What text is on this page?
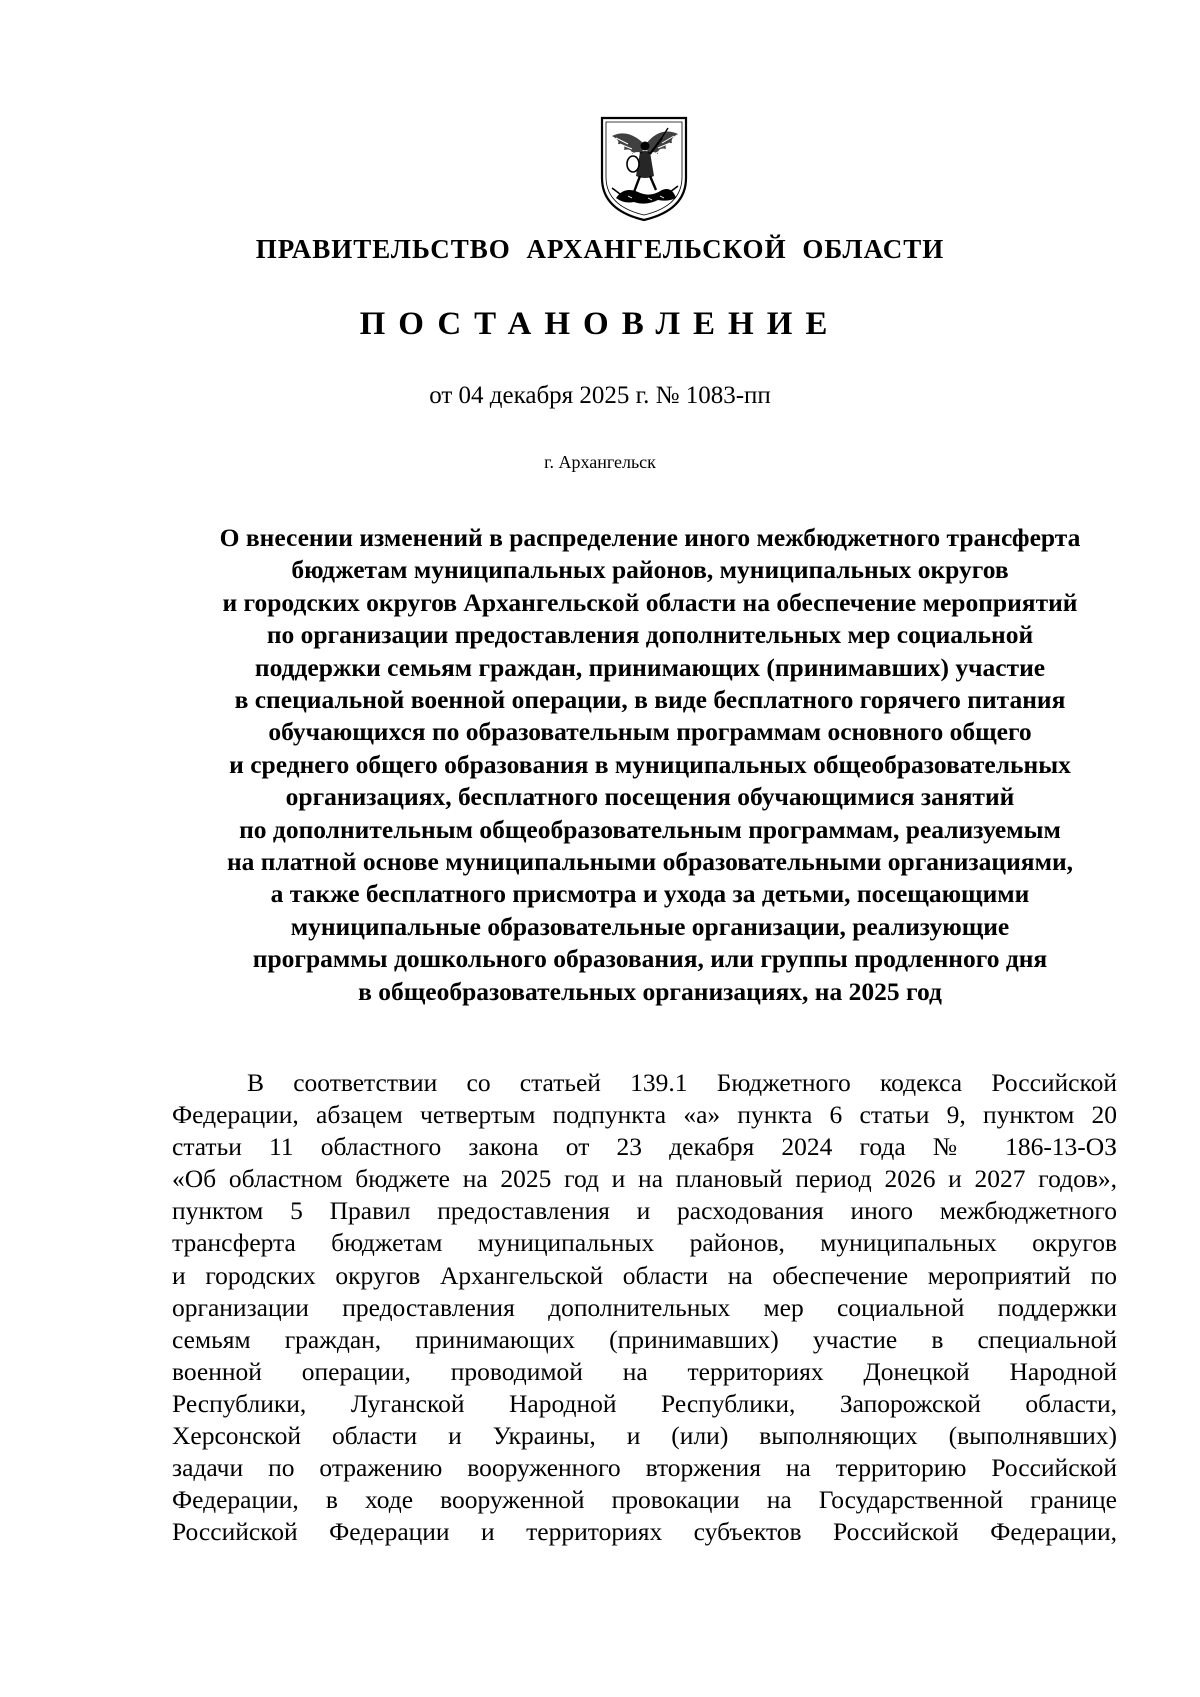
ПРАВИТЕЛЬСТВО АРХАНГЕЛЬСКОЙ ОБЛАСТИ
ПОСТАНОВЛЕНИЕ

от 04 декабря 2025 г. № 1083-пп

г. Архангельск

О внесении изменений в распределение иного межбюджетного трансферта
бюджетам муниципальных районов, муниципальных округов
и городских округов Архангельской области на обеспечение мероприятий
по организации предоставления дополнительных мер социальной
поддержки семьям граждан, принимающих (принимавших) участие
в специальной военной операции, в виде бесплатного горячего питания
обучающихся по образовательным программам основного общего
и среднего общего образования в муниципальных общеобразовательных
организациях, бесплатного посещения обучающимися занятий
по дополнительным общеобразовательным программам, реализуемым
на платной основе муниципальными образовательными организациями,
а также бесплатного присмотра и ухода за детьми, посещающими
муниципальные образовательные организации, реализующие
программы дошкольного образования, или группы продленного дня
в общеобразовательных организациях, на 2025 год
В соответствии со статьей 139.1 Бюджетного кодекса Российской
Федерации, абзацем четвертым подпункта «а» пункта 6 статьи 9, пунктом 20
статьи 11 областного закона от 23 декабря 2024 года № 186-13-ОЗ
«Об областном бюджете на 2025 год и на плановый период 2026 и 2027 годов»,
пунктом 5 Правил предоставления и расходования иного межбюджетного
трансферта бюджетам муниципальных районов, муниципальных округов
и городских округов Архангельской области на обеспечение мероприятий по
организации предоставления дополнительных мер социальной поддержки
семьям граждан, принимающих (принимавших) участие в специальной
военной операции, проводимой на территориях Донецкой Народной
Республики, Луганской Народной Республики, Запорожской области,
Херсонской области и Украины, и (или) выполняющих (выполнявших)
задачи по отражению вооруженного вторжения на территорию Российской
Федерации, в ходе вооруженной провокации на Государственной границе
Российской Федерации и территориях субъектов Российской Федерации,
